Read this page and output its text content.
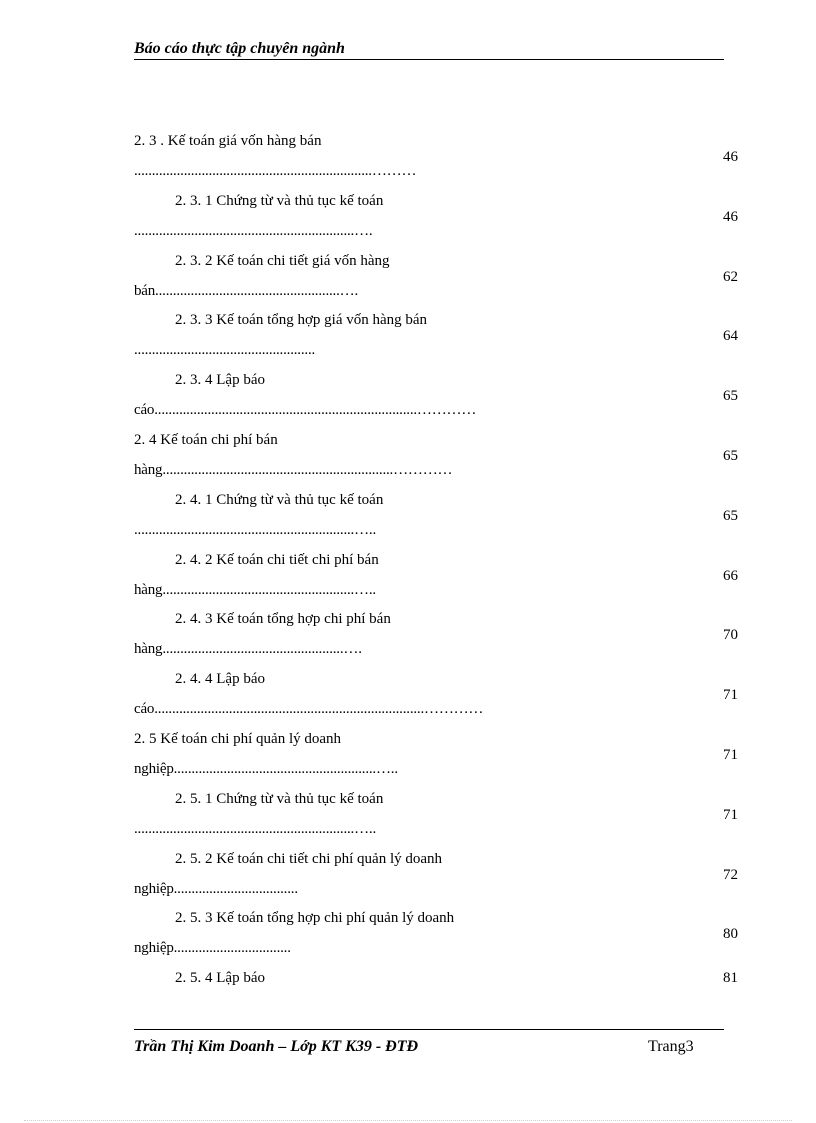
Báo cáo thực tập chuyên ngành
2. 3 . Kế toán giá vốn hàng bán
...................................................................………
46
2. 3. 1 Chứng từ và thủ tục kế toán
..............................................................….
46
2. 3. 2 Kế toán chi tiết giá vốn hàng
bán....................................................….
62
2. 3. 3 Kế toán tổng hợp giá vốn hàng bán
...................................................
64
2. 3. 4 Lập báo
cáo..........................................................................…………
65
2. 4 Kế toán chi phí bán
hàng.................................................................…………
65
2. 4. 1 Chứng từ và thủ tục kế toán
..............................................................…..
65
2. 4. 2 Kế toán chi tiết chi phí bán
hàng......................................................…..
66
2. 4. 3 Kế toán tổng hợp chi phí bán
hàng...................................................….
70
2. 4. 4 Lập báo
cáo............................................................................…………
71
2. 5 Kế toán chi phí quản lý doanh
nghiệp.........................................................…..
71
2. 5. 1 Chứng từ và thủ tục kế toán
..............................................................…..
71
2. 5. 2 Kế toán chi tiết chi phí quản lý doanh
nghiệp...................................
72
2. 5. 3 Kế toán tổng hợp chi phí quản lý doanh
nghiệp.................................
80
2. 5. 4 Lập báo	81
Trần Thị Kim Doanh – Lớp KT K39 - ĐTĐ	Trang3
